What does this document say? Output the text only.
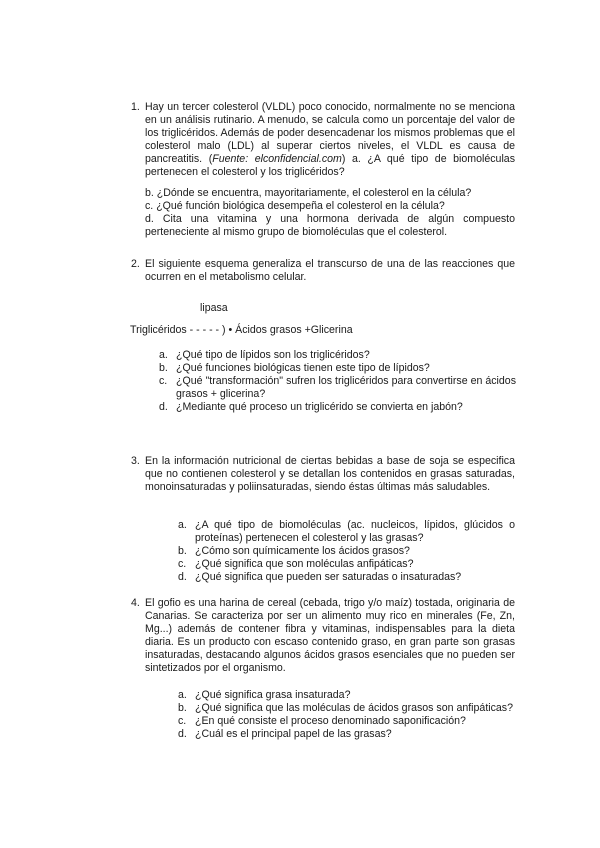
1. Hay un tercer colesterol (VLDL) poco conocido, normalmente no se menciona en un análisis rutinario. A menudo, se calcula como un porcentaje del valor de los triglicéridos. Además de poder desencadenar los mismos problemas que el colesterol malo (LDL) al superar ciertos niveles, el VLDL es causa de pancreatitis. (Fuente: elconfidencial.com) a. ¿A qué tipo de biomoléculas pertenecen el colesterol y los triglicéridos?

b. ¿Dónde se encuentra, mayoritariamente, el colesterol en la célula?
c. ¿Qué función biológica desempeña el colesterol en la célula?
d. Cita una vitamina y una hormona derivada de algún compuesto perteneciente al mismo grupo de biomoléculas que el colesterol.
2. El siguiente esquema generaliza el transcurso de una de las reacciones que ocurren en el metabolismo celular.

lipasa
Triglicéridos - - - - - ) • Ácidos grasos +Glicerina
a. ¿Qué tipo de lípidos son los triglicéridos?
b. ¿Qué funciones biológicas tienen este tipo de lípidos?
c. ¿Qué "transformación" sufren los triglicéridos para convertirse en ácidos grasos + glicerina?
d. ¿Mediante qué proceso un triglicérido se convierta en jabón?
3. En la información nutricional de ciertas bebidas a base de soja se especifica que no contienen colesterol y se detallan los contenidos en grasas saturadas, monoinsaturadas y poliinsaturadas, siendo éstas últimas más saludables.

a. ¿A qué tipo de biomoléculas (ac. nucleicos, lípidos, glúcidos o proteínas) pertenecen el colesterol y las grasas?
b. ¿Cómo son químicamente los ácidos grasos?
c. ¿Qué significa que son moléculas anfipáticas?
d. ¿Qué significa que pueden ser saturadas o insaturadas?
4. El gofio es una harina de cereal (cebada, trigo y/o maíz) tostada, originaria de Canarias. Se caracteriza por ser un alimento muy rico en minerales (Fe, Zn, Mg...) además de contener fibra y vitaminas, indispensables para la dieta diaria. Es un producto con escaso contenido graso, en gran parte son grasas insaturadas, destacando algunos ácidos grasos esenciales que no pueden ser sintetizados por el organismo.

a. ¿Qué significa grasa insaturada?
b. ¿Qué significa que las moléculas de ácidos grasos son anfipáticas?
c. ¿En qué consiste el proceso denominado saponificación?
d. ¿Cuál es el principal papel de las grasas?
